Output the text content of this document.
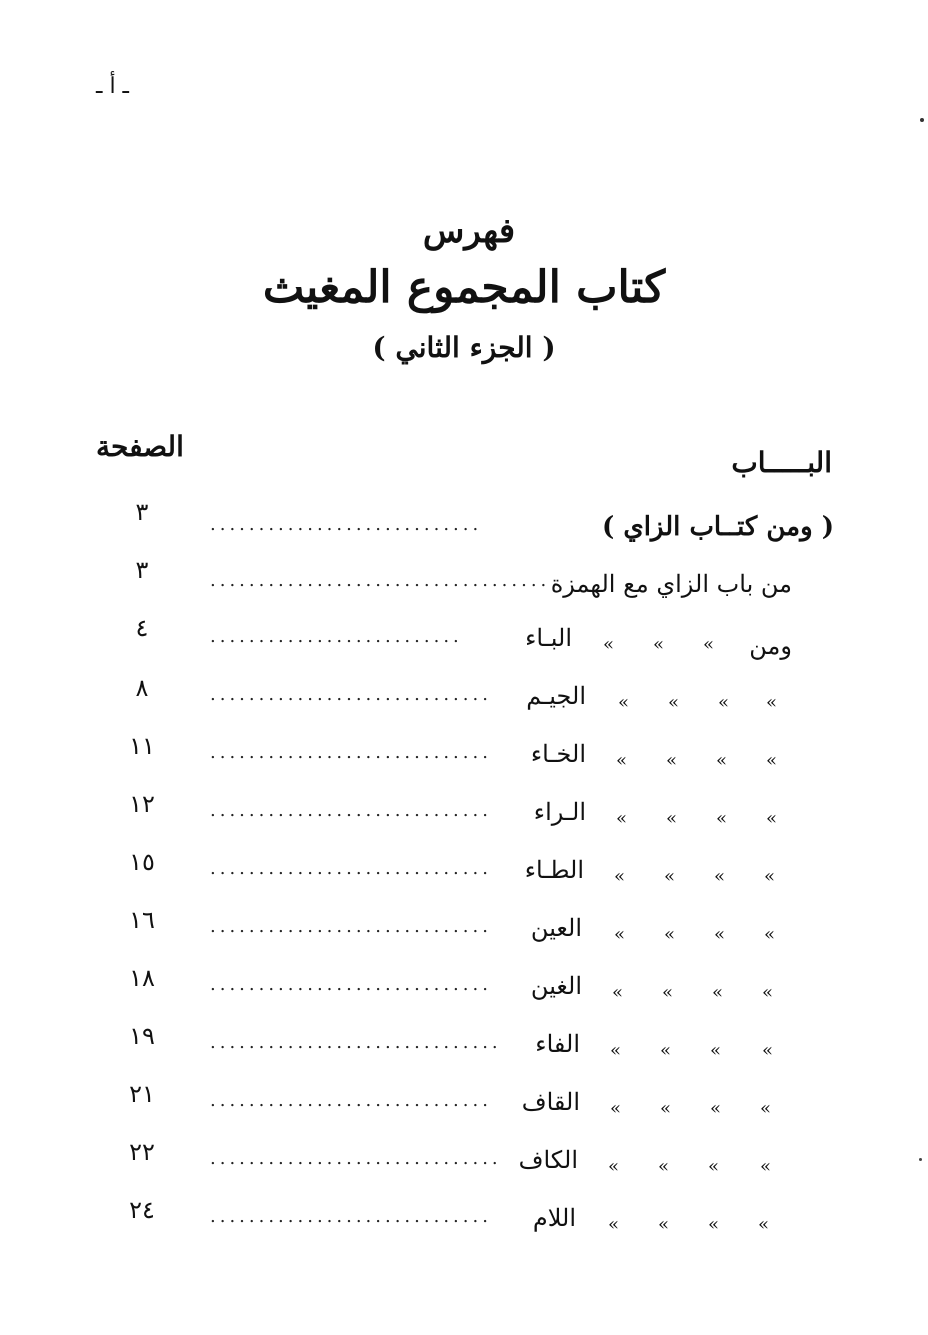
ـ أ ـ
فهرس
كتاب المجموع المغيث
( الجزء الثاني )
البـــــاب
الصفحة
( ومن كتــاب الزاي )
............................
٣
من باب الزاي مع الهمزة
...................................
٣
ومن
»
»
»
البـاء
..........................
٤
»
»
»
»
الجيـم
.............................
٨
»
»
»
»
الخـاء
.............................
١١
»
»
»
»
الـراء
.............................
١٢
»
»
»
»
الطـاء
.............................
١٥
»
»
»
»
العين
.............................
١٦
»
»
»
»
الغين
.............................
١٨
»
»
»
»
الفاء
..............................
١٩
»
»
»
»
القاف
.............................
٢١
»
»
»
»
الكاف
..............................
٢٢
»
»
»
»
اللام
.............................
٢٤
